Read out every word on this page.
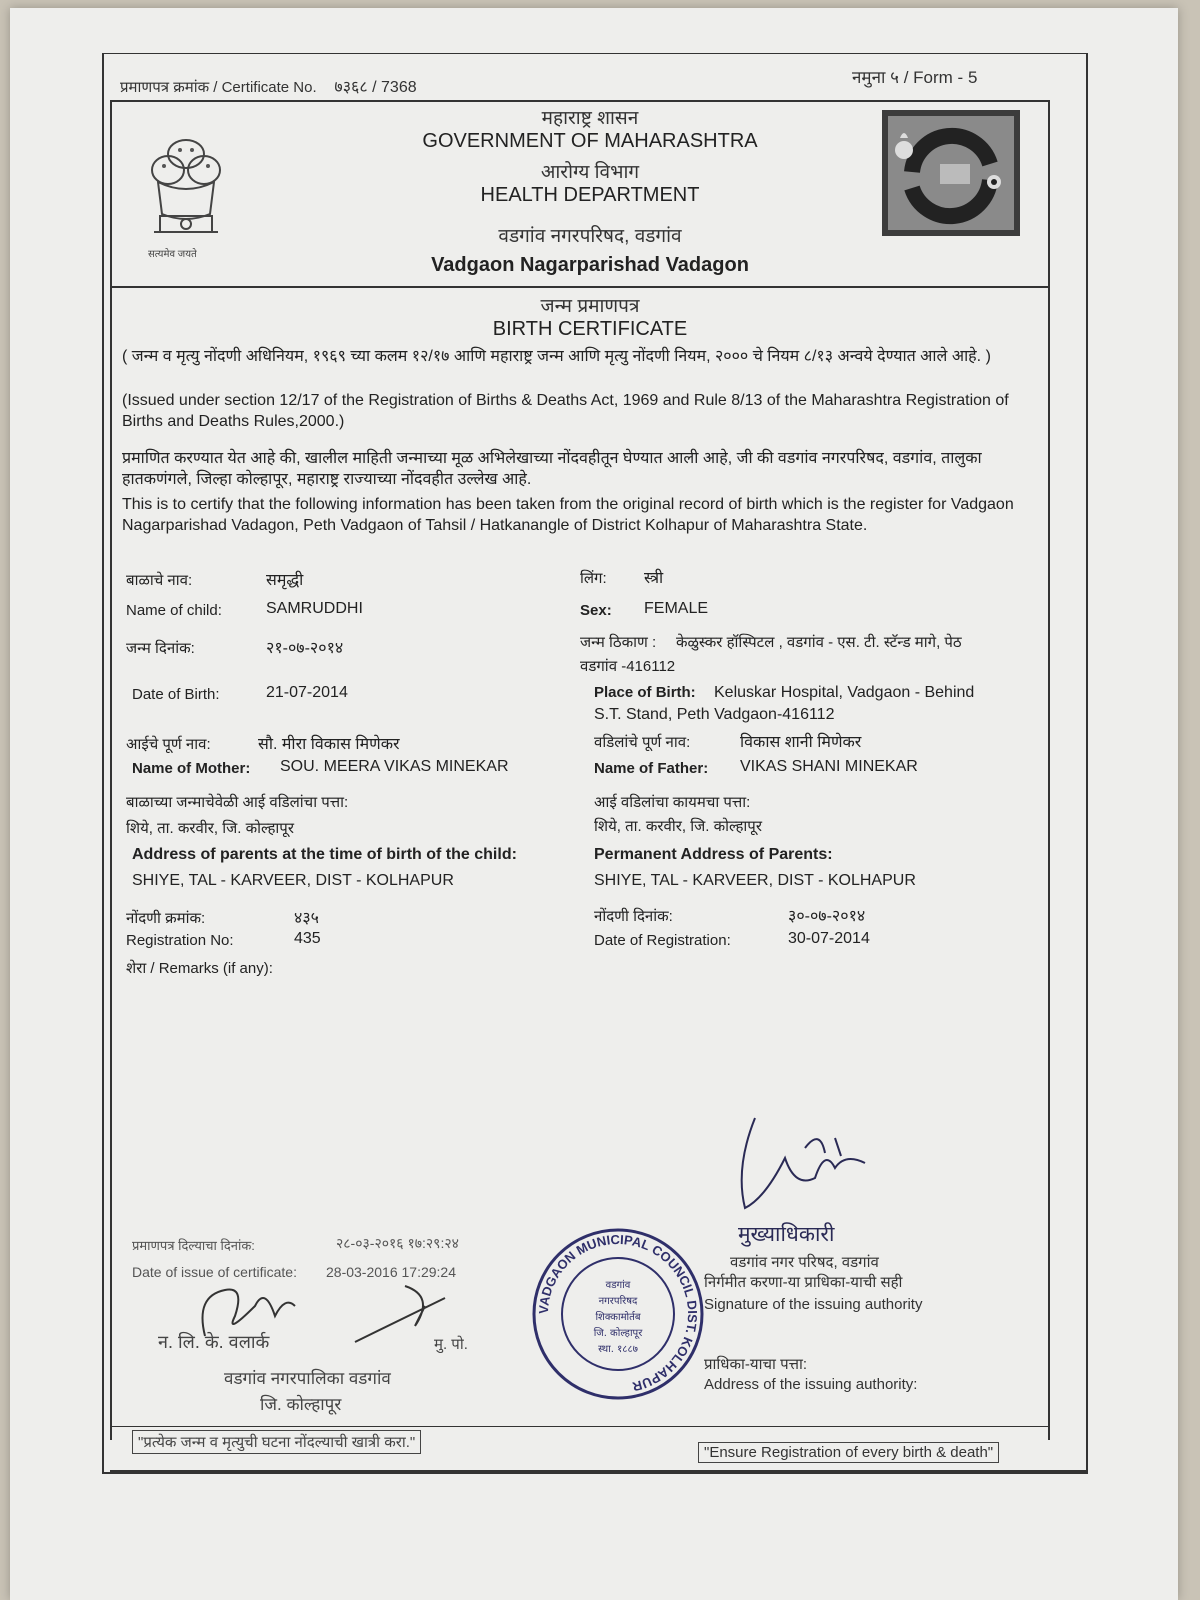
प्रमाणपत्र क्रमांक / Certificate No. ७३६८ / 7368
नमुना ५ / Form - 5
सत्यमेव जयते
महाराष्ट्र शासन
GOVERNMENT OF MAHARASHTRA
आरोग्य विभाग
HEALTH DEPARTMENT
वडगांव नगरपरिषद, वडगांव
Vadgaon Nagarparishad Vadagon
जन्म प्रमाणपत्र
BIRTH CERTIFICATE
( जन्म व मृत्यु नोंदणी अधिनियम, १९६९ च्या कलम १२/१७ आणि महाराष्ट्र जन्म आणि मृत्यु नोंदणी नियम, २००० चे नियम ८/१३ अन्वये देण्यात आले आहे. )
(Issued under section 12/17 of the Registration of Births & Deaths Act, 1969 and Rule 8/13 of the Maharashtra Registration of Births and Deaths Rules,2000.)
प्रमाणित करण्यात येत आहे की, खालील माहिती जन्माच्या मूळ अभिलेखाच्या नोंदवहीतून घेण्यात आली आहे, जी की वडगांव नगरपरिषद, वडगांव, तालुका हातकणंगले, जिल्हा कोल्हापूर, महाराष्ट्र राज्याच्या नोंदवहीत उल्लेख आहे.
This is to certify that the following information has been taken from the original record of birth which is the register for Vadgaon Nagarparishad Vadagon, Peth Vadgaon of Tahsil / Hatkanangle of District Kolhapur of Maharashtra State.
बाळाचे नाव:	समृद्धी
Name of child:	SAMRUDDHI
लिंग: स्त्री
Sex: FEMALE
जन्म दिनांक:	२१-०७-२०१४
Date of Birth:	21-07-2014
जन्म ठिकाण : केळुस्कर हॉस्पिटल , वडगांव - एस. टी. स्टॅन्ड मागे, पेठ
वडगांव -416112
Place of Birth: Keluskar Hospital, Vadgaon - Behind
S.T. Stand, Peth Vadgaon-416112
आईचे पूर्ण नाव:	सौ. मीरा विकास मिणेकर
Name of Mother: SOU. MEERA VIKAS MINEKAR
वडिलांचे पूर्ण नाव:	विकास शानी मिणेकर
Name of Father: VIKAS SHANI MINEKAR
बाळाच्या जन्माचेवेळी आई वडिलांचा पत्ता:
शिये, ता. करवीर, जि. कोल्हापूर
Address of parents at the time of birth of the child:
SHIYE, TAL - KARVEER, DIST - KOLHAPUR
आई वडिलांचा कायमचा पत्ता:
शिये, ता. करवीर, जि. कोल्हापूर
Permanent Address of Parents:
SHIYE, TAL - KARVEER, DIST - KOLHAPUR
नोंदणी क्रमांक:	४३५
Registration No:	435
नोंदणी दिनांक:	३०-०७-२०१४
Date of Registration:	30-07-2014
शेरा / Remarks (if any):
मुख्याधिकारी
वडगांव नगर परिषद, वडगांव
निर्गमीत करणा-या प्राधिका-याची सही
Signature of the issuing authority
प्राधिका-याचा पत्ता:
Address of the issuing authority:
प्रमाणपत्र दिल्याचा दिनांक:	२८-०३-२०१६ १७:२९:२४
Date of issue of certificate: 28-03-2016 17:29:24
न. लि. के. वलार्क	मु. पो.
वडगांव नगरपालिका वडगांव
जि. कोल्हापूर
VADGAON MUNICIPAL COUNCIL DIST. KOLHAPUR
वडगांव
नगरपरिषद
शिक्कामोर्तब
जि. कोल्हापूर
स्था. १८८७
"प्रत्येक जन्म व मृत्युची घटना नोंदल्याची खात्री करा."
"Ensure Registration of every birth & death"
